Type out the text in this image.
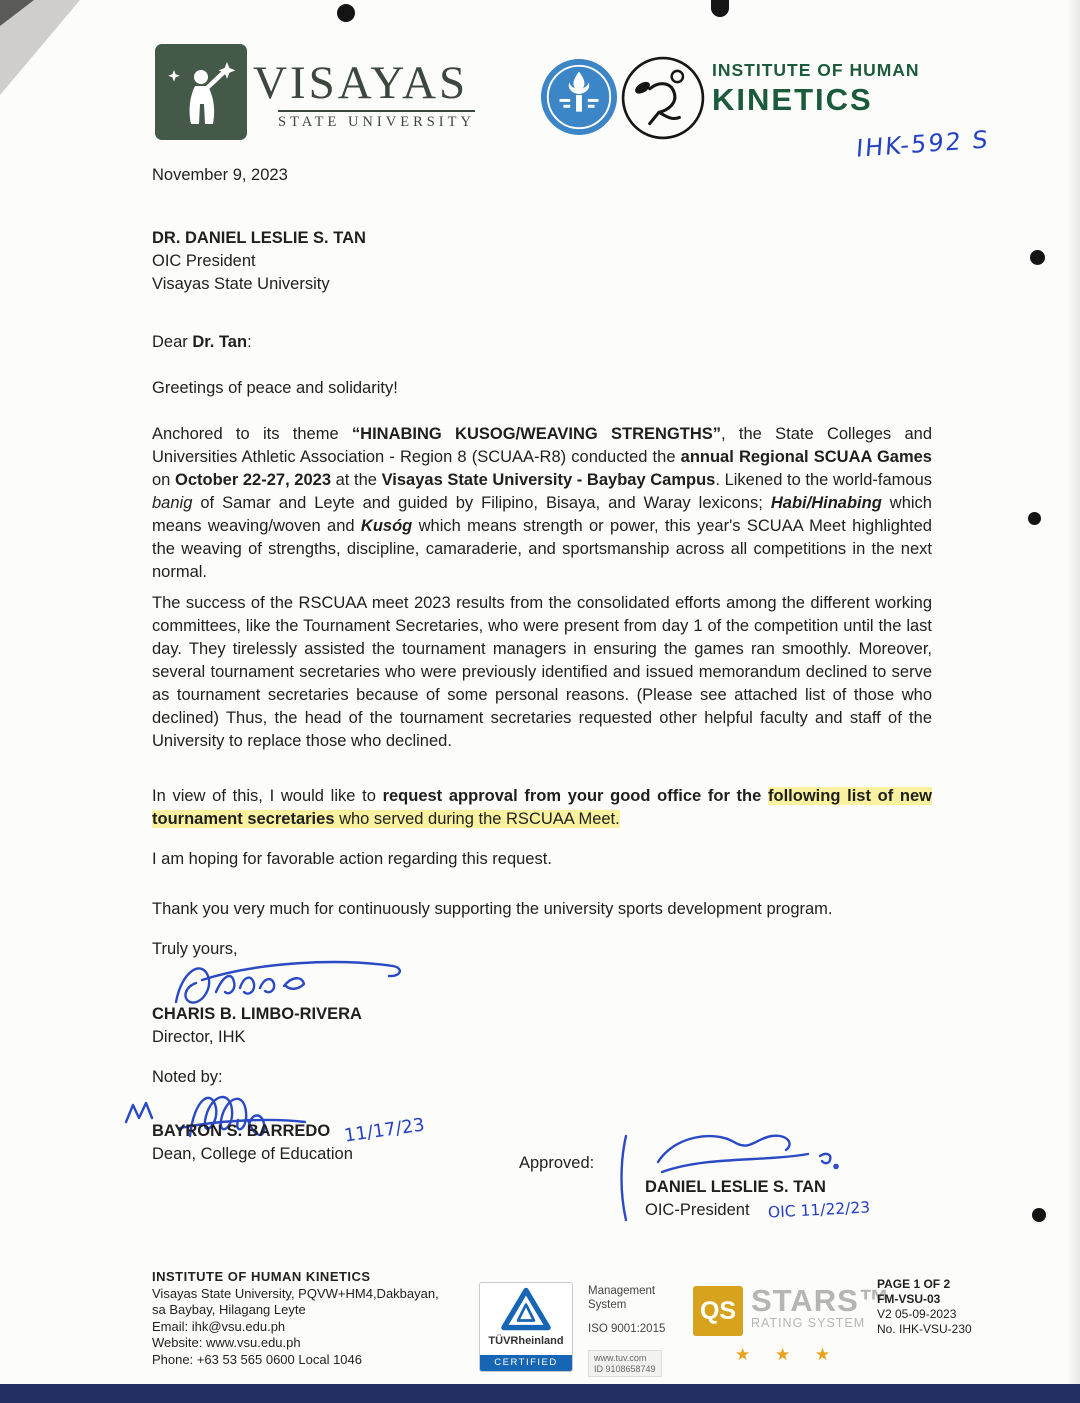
VISAYAS
STATE UNIVERSITY
INSTITUTE OF HUMAN
KINETICS
IHK-592 S
November 9, 2023
DR. DANIEL LESLIE S. TAN
OIC President
Visayas State University
Dear Dr. Tan:
Greetings of peace and solidarity!
Anchored to its theme “HINABING KUSOG/WEAVING STRENGTHS”, the State Colleges and Universities Athletic Association - Region 8 (SCUAA-R8) conducted the annual Regional SCUAA Games on October 22-27, 2023 at the Visayas State University - Baybay Campus. Likened to the world-famous banig of Samar and Leyte and guided by Filipino, Bisaya, and Waray lexicons; Habi/Hinabing which means weaving/woven and Kusóg which means strength or power, this year's SCUAA Meet highlighted the weaving of strengths, discipline, camaraderie, and sportsmanship across all competitions in the next normal.
The success of the RSCUAA meet 2023 results from the consolidated efforts among the different working committees, like the Tournament Secretaries, who were present from day 1 of the competition until the last day. They tirelessly assisted the tournament managers in ensuring the games ran smoothly. Moreover, several tournament secretaries who were previously identified and issued memorandum declined to serve as tournament secretaries because of some personal reasons. (Please see attached list of those who declined) Thus, the head of the tournament secretaries requested other helpful faculty and staff of the University to replace those who declined.
In view of this, I would like to request approval from your good office for the following list of new tournament secretaries who served during the RSCUAA Meet.
I am hoping for favorable action regarding this request.
Thank you very much for continuously supporting the university sports development program.
Truly yours,
CHARIS B. LIMBO-RIVERA
Director, IHK
Noted by:
BAYRON S. BARREDO 11/17/23
Dean, College of Education	Approved:
DANIEL LESLIE S. TAN
OIC-President OIC 11/22/23
INSTITUTE OF HUMAN KINETICS
Visayas State University, PQVW+HM4,Dakbayan,
sa Baybay, Hilagang Leyte
Email: ihk@vsu.edu.ph
Website: www.vsu.edu.ph
Phone: +63 53 565 0600 Local 1046
TÜVRheinland
CERTIFIED
Management
System
ISO 9001:2015
www.tuv.com
ID 9108658749
QS STARS™
RATING SYSTEM
★ ★ ★
PAGE 1 OF 2
FM-VSU-03
V2 05-09-2023
No. IHK-VSU-230
